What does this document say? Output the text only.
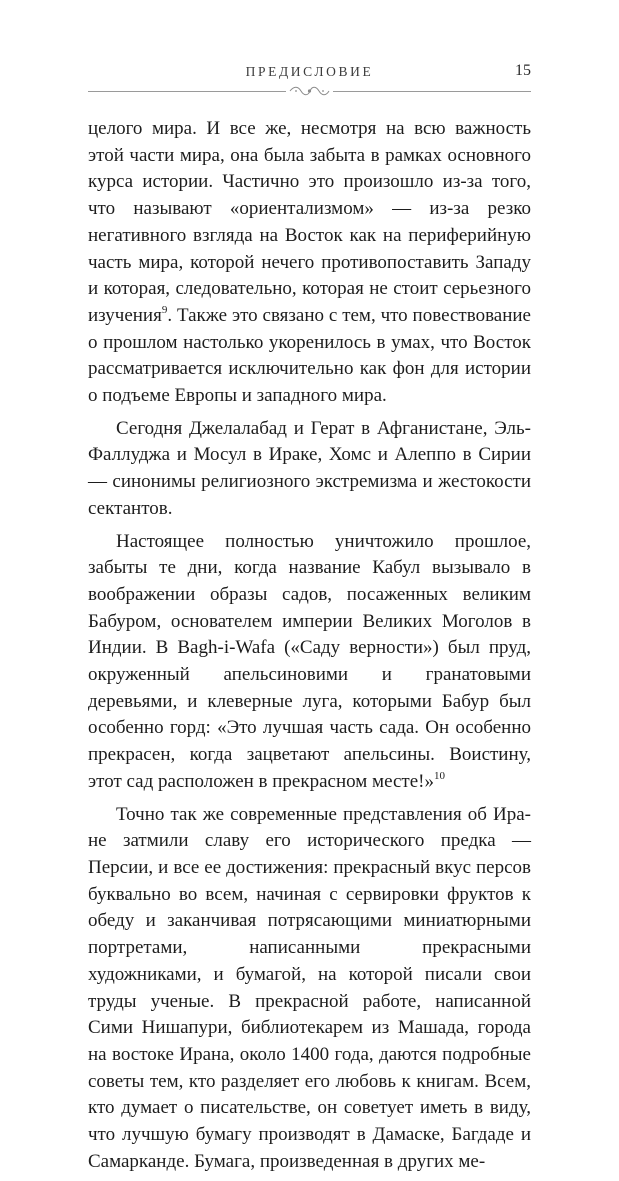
ПРЕДИСЛОВИЕ	15

целого мира. И все же, несмотря на всю важность этой части мира, она была забыта в рамках основного курса истории. Частично это произошло из-за того, что называют «ориентализмом» — из-за резко негативного взгляда на Восток как на периферийную часть мира, которой нечего противопоставить Западу и которая, следовательно, которая не стоит серьезного изучения$^9$. Также это связано с тем, что повествование о прошлом настолько укоренилось в умах, что Восток рассматривается исключительно как фон для истории о подъеме Европы и западного мира.

Сегодня Джелалабад и Герат в Афганистане, Эль-Фаллуджа и Мосул в Ираке, Хомс и Алеппо в Сирии — синонимы религиозного экстремизма и жестокости сектантов.

Настоящее полностью уничтожило прошлое, забыты те дни, когда название Кабул вызывало в воображении образы садов, посаженных великим Бабуром, основателем империи Великих Моголов в Индии. В Bagh-i-Wafa («Саду верности») был пруд, окруженный апельсиновими и гранатовыми деревьями, и клеверные луга, которыми Бабур был особенно горд: «Это лучшая часть сада. Он особенно прекрасен, когда зацветают апельсины. Воистину, этот сад расположен в прекрасном месте!»$^{10}$

Точно так же современные представления об Иране затмили славу его исторического предка — Персии, и все ее достижения: прекрасный вкус персов буквально во всем, начиная с сервировки фруктов к обеду и заканчивая потрясающими миниатюрными портретами, написанными прекрасными художниками, и бумагой, на которой писали свои труды ученые. В прекрасной работе, написанной Сими Нишапури, библиотекарем из Машада, города на востоке Ирана, около 1400 года, даются подробные советы тем, кто разделяет его любовь к книгам. Всем, кто думает о писательстве, он советует иметь в виду, что лучшую бумагу производят в Дамаске, Багдаде и Самарканде. Бумага, произведенная в других ме-
